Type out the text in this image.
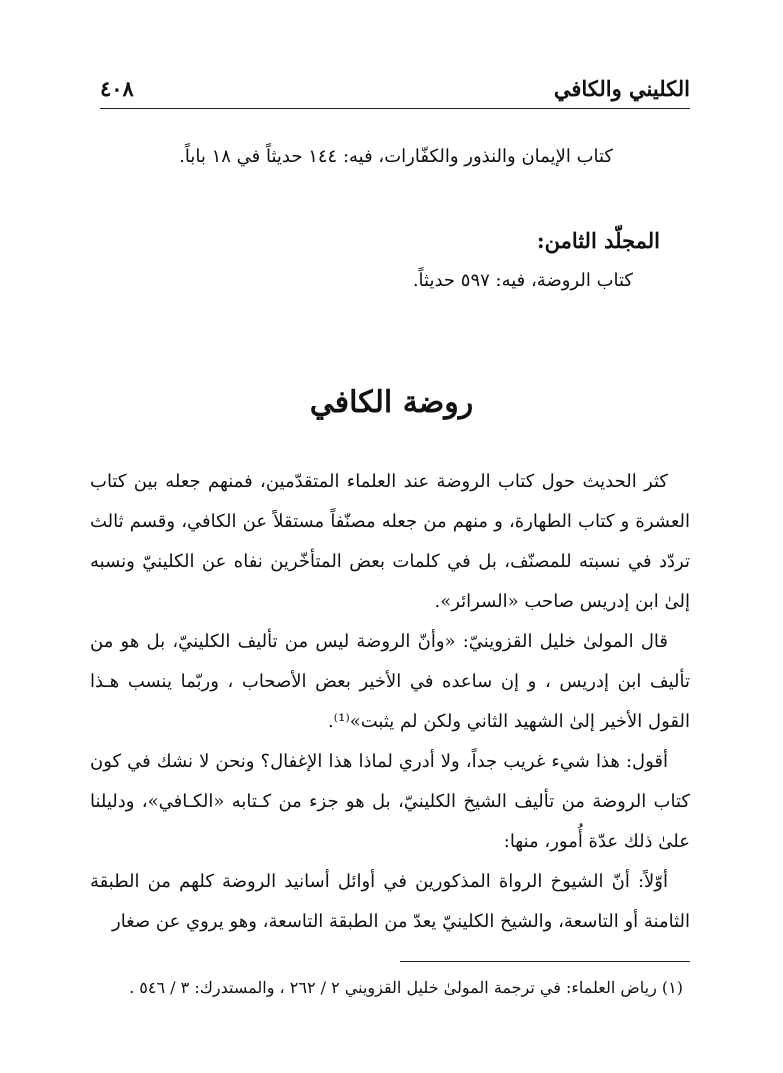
الكليني والكافي
٤٠٨
كتاب الإيمان والنذور والكفّارات، فيه: ١٤٤ حديثاً في ١٨ باباً.
المجلّد الثامن:
كتاب الروضة، فيه: ٥٩٧ حديثاً.
روضة الكافي

كثر الحديث حول كتاب الروضة عند العلماء المتقدّمين، فمنهم جعله بين كتاب العشرة و كتاب الطهارة، و منهم من جعله مصنّفاً مستقلاً عن الكافي، وقسم ثالث تردّد في نسبته للمصنّف، بل في كلمات بعض المتأخّرين نفاه عن الكلينيّ ونسبه إلىٰ ابن إدريس صاحب «السرائر».

قال المولىٰ خليل القزوينيّ: «وأنّ الروضة ليس من تأليف الكلينيّ، بل هو من تأليف ابن إدريس ، و إن ساعده في الأخير بعض الأصحاب ، وربّما ينسب هـذا القول الأخير إلىٰ الشهيد الثاني ولكن لم يثبت»⁽¹⁾.

أقول: هذا شيء غريب جداً، ولا أدري لماذا هذا الإغفال؟ ونحن لا نشك في كون كتاب الروضة من تأليف الشيخ الكلينيّ، بل هو جزء من كـتابه «الكـافي»، ودليلنا علىٰ ذلك عدّة أُمور، منها:

أوّلاً: أنّ الشيوخ الرواة المذكورين في أوائل أسانيد الروضة كلهم من الطبقة الثامنة أو التاسعة، والشيخ الكلينيّ يعدّ من الطبقة التاسعة، وهو يروي عن صغار

(١) رياض العلماء: في ترجمة المولىٰ خليل القزويني ٢ / ٢٦٢ ، والمستدرك: ٣ / ٥٤٦ .
